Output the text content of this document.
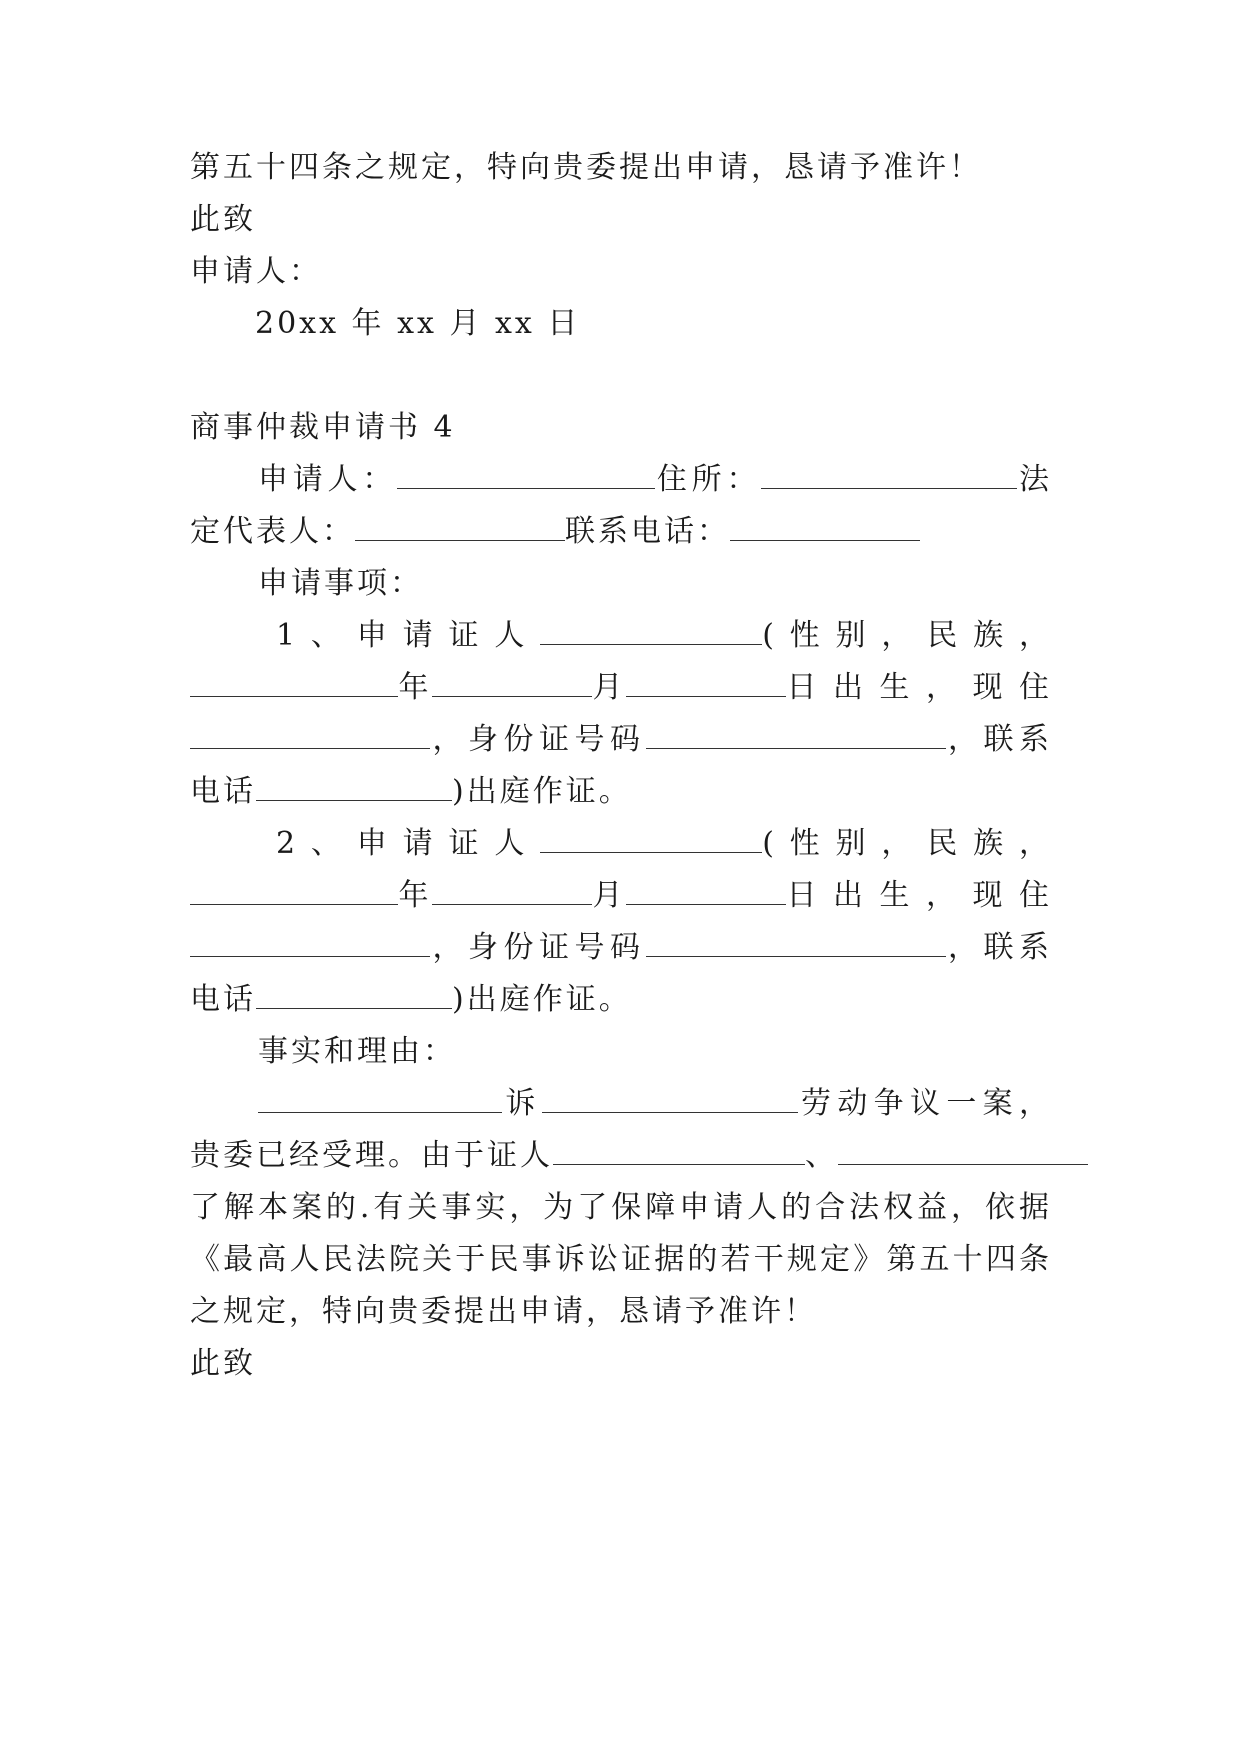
第五十四条之规定，特向贵委提出申请，恳请予准许！
此致
申请人：
20xx 年 xx 月 xx 日
商事仲裁申请书 4
申请人：	住所：	法
定代表人：	联系电话：
申请事项：
1 、 申 请 证 人	( 性 别 ， 民 族 ，
年	月	日 出 生 ， 现 住
，身份证号码	，联系
电话	)出庭作证。
2 、 申 请 证 人	( 性 别 ， 民 族 ，
年	月	日 出 生 ， 现 住
，身份证号码	，联系
电话	)出庭作证。
事实和理由：
诉	劳动争议一案，
贵委已经受理。由于证人	、
了解本案的.有关事实，为了保障申请人的合法权益，依据
《最高人民法院关于民事诉讼证据的若干规定》第五十四条
之规定，特向贵委提出申请，恳请予准许！
此致
